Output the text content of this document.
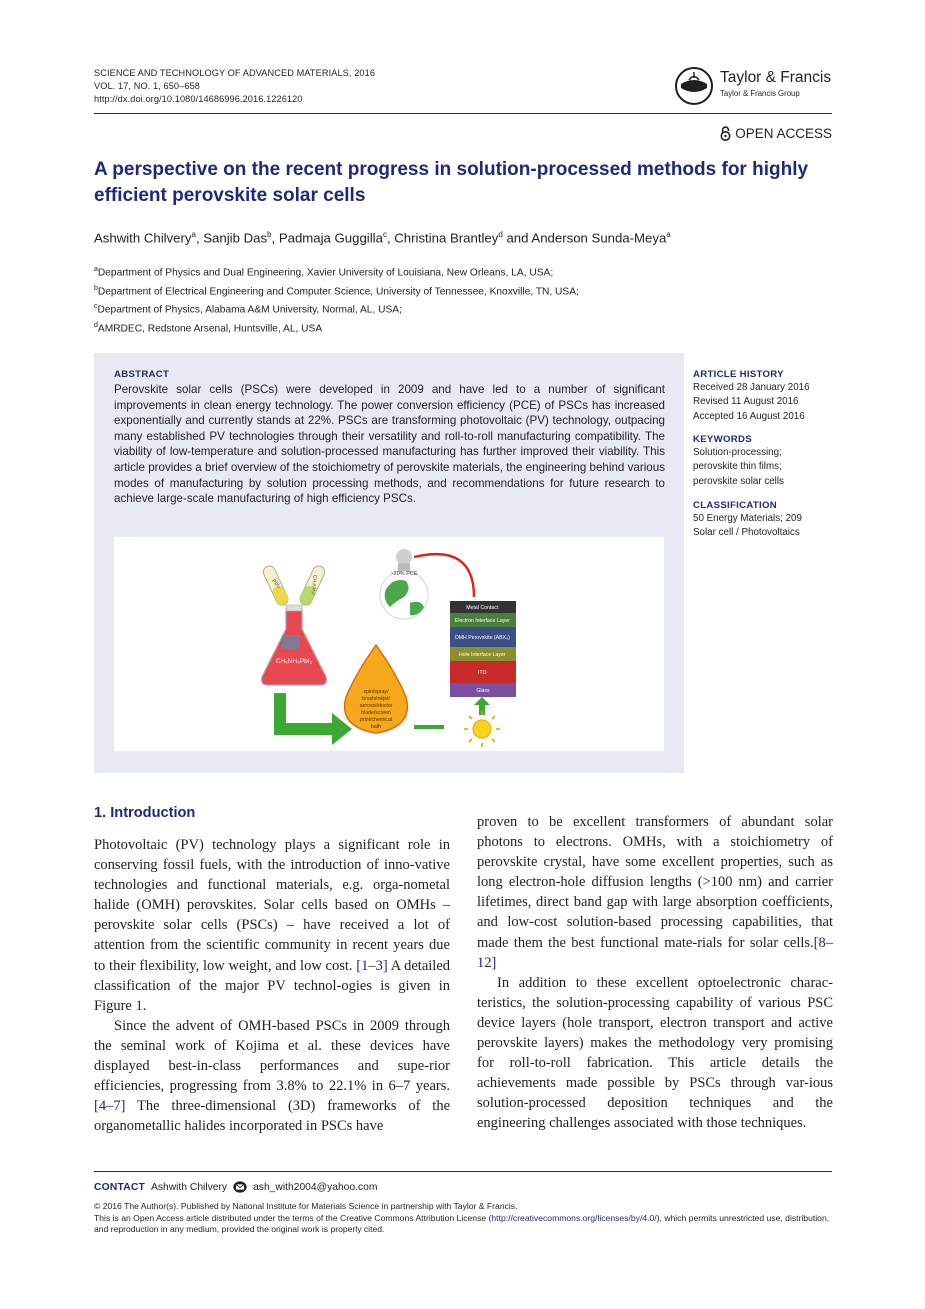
SCIENCE AND TECHNOLOGY OF ADVANCED MATERIALS, 2016
VOL. 17, NO. 1, 650–658
http://dx.doi.org/10.1080/14686996.2016.1226120
Taylor & Francis
Taylor & Francis Group
OPEN ACCESS
A perspective on the recent progress in solution-processed methods for highly efficient perovskite solar cells
Ashwith Chilvery$^a$, Sanjib Das$^b$, Padmaja Guggilla$^c$, Christina Brantley$^d$ and Anderson Sunda-Meya$^a$
$^a$Department of Physics and Dual Engineering, Xavier University of Louisiana, New Orleans, LA, USA;
$^b$Department of Electrical Engineering and Computer Science, University of Tennessee, Knoxville, TN, USA;
$^c$Department of Physics, Alabama A&M University, Normal, AL, USA;
$^d$AMRDEC, Redstone Arsenal, Huntsville, AL, USA
ABSTRACT
Perovskite solar cells (PSCs) were developed in 2009 and have led to a number of significant improvements in clean energy technology. The power conversion efficiency (PCE) of PSCs has increased exponentially and currently stands at 22%. PSCs are transforming photovoltaic (PV) technology, outpacing many established PV technologies through their versatility and roll-to-roll manufacturing compatibility. The viability of low-temperature and solution-processed manufacturing has further improved their viability. This article provides a brief overview of the stoichiometry of perovskite materials, the engineering behind various modes of manufacturing by solution processing methods, and recommendations for future research to achieve large-scale manufacturing of high efficiency PSCs.
PbI₂	CH₃NH₃I
CH₃NH₃PbI₃
spin/spray/ brush/inkjet/ aerosol/doctor blade/screen print/chemical bath
~20% PCE
Metal Contact Electron Interface Layer OMH Perovskite (ABX₃) Hole Interface Layer ITO Glass
ARTICLE HISTORY
Received 28 January 2016
Revised 11 August 2016
Accepted 16 August 2016
KEYWORDS
Solution-processing;
perovskite thin films;
perovskite solar cells
CLASSIFICATION
50 Energy Materials; 209
Solar cell / Photovoltaics
1. Introduction

Photovoltaic (PV) technology plays a significant role in conserving fossil fuels, with the introduction of inno-vative technologies and functional materials, e.g. orga-nometal halide (OMH) perovskites. Solar cells based on OMHs – perovskite solar cells (PSCs) – have received a lot of attention from the scientific community in recent years due to their flexibility, low weight, and low cost. [1–3] A detailed classification of the major PV technol-ogies is given in Figure 1.

Since the advent of OMH-based PSCs in 2009 through the seminal work of Kojima et al. these devices have displayed best-in-class performances and supe-rior efficiencies, progressing from 3.8% to 22.1% in 6–7 years.[4–7] The three-dimensional (3D) frameworks of the organometallic halides incorporated in PSCs have

proven to be excellent transformers of abundant solar photons to electrons. OMHs, with a stoichiometry of perovskite crystal, have some excellent properties, such as long electron-hole diffusion lengths (>100 nm) and carrier lifetimes, direct band gap with large absorption coefficients, and low-cost solution-based processing capabilities, that made them the best functional mate-rials for solar cells.[8–12]

In addition to these excellent optoelectronic charac-teristics, the solution-processing capability of various PSC device layers (hole transport, electron transport and active perovskite layers) makes the methodology very promising for roll-to-roll fabrication. This article details the achievements made possible by PSCs through var-ious solution-processed deposition techniques and the engineering challenges associated with those techniques.

CONTACT Ashwith Chilvery	ash_with2004@yahoo.com
© 2016 The Author(s). Published by National Institute for Materials Science in partnership with Taylor & Francis.
This is an Open Access article distributed under the terms of the Creative Commons Attribution License (http://creativecommons.org/licenses/by/4.0/), which permits unrestricted use, distribution, and reproduction in any medium, provided the original work is properly cited.
